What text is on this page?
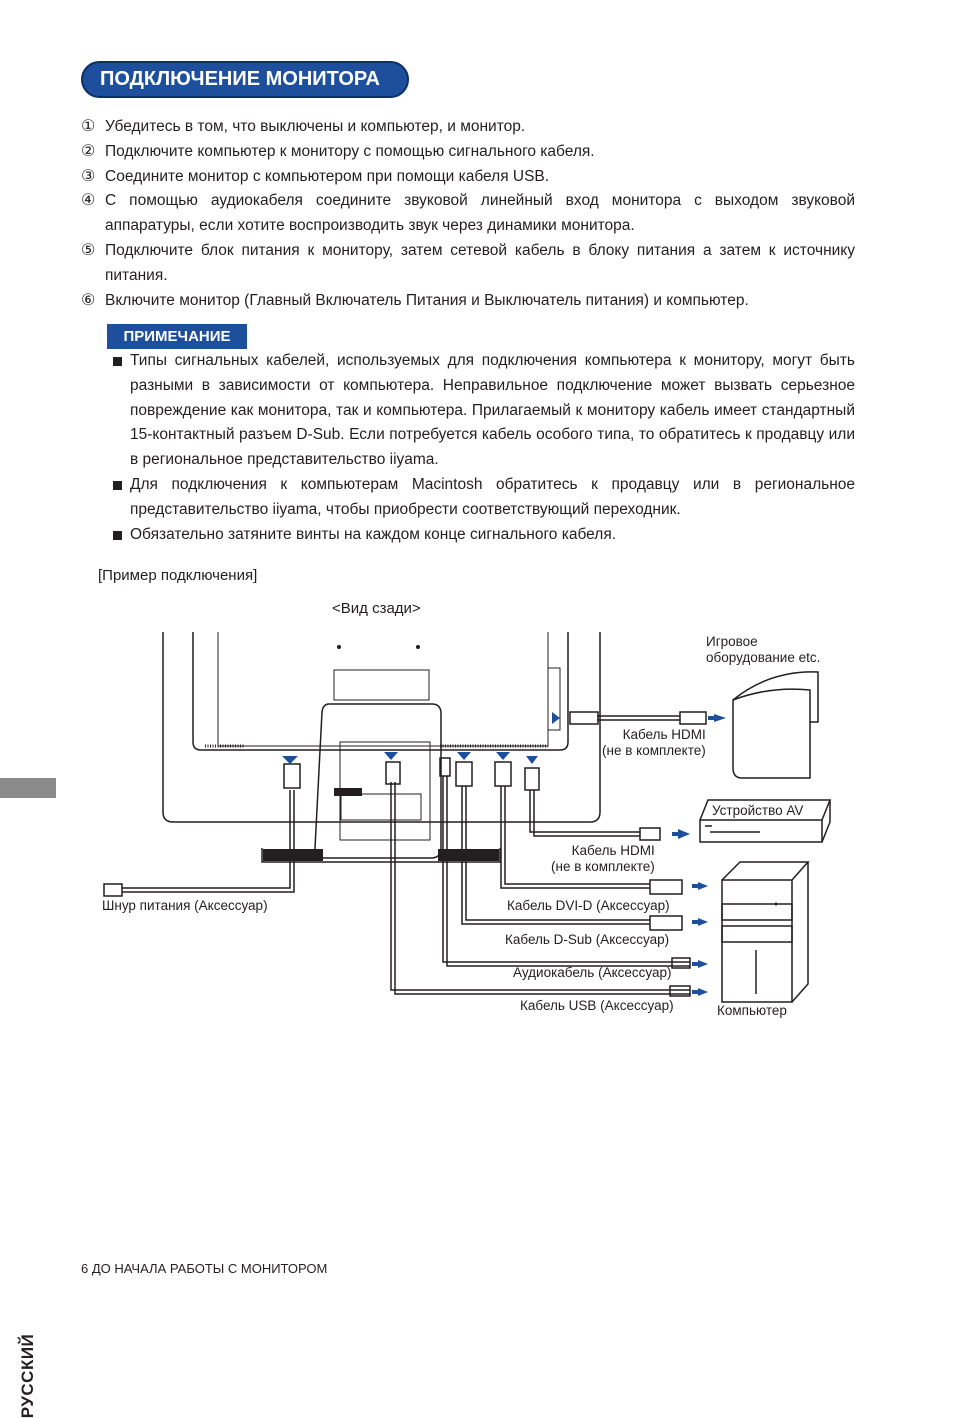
ПОДКЛЮЧЕНИЕ МОНИТОРА
① Убедитесь в том, что выключены и компьютер, и монитор.
② Подключите компьютер к монитору с помощью сигнального кабеля.
③ Соедините монитор с компьютером при помощи кабеля USB.
④ С помощью аудиокабеля соедините звуковой линейный вход монитора с выходом звуковой аппаратуры, если хотите воспроизводить звук через динамики монитора.
⑤ Подключите блок питания к монитору, затем сетевой кабель в блоку питания а затем к источнику питания.
⑥ Включите монитор (Главный Включатель Питания и Выключатель питания) и компьютер.
ПРИМЕЧАНИЕ
Типы сигнальных кабелей, используемых для подключения компьютера к монитору, могут быть разными в зависимости от компьютера. Неправильное подключение может вызвать серьезное повреждение как монитора, так и компьютера. Прилагаемый к монитору кабель имеет стандартный 15-контактный разъем D-Sub. Если потребуется кабель особого типа, то обратитесь к продавцу или в региональное представительство iiyama.
Для подключения к компьютерам Macintosh обратитесь к продавцу или в региональное представительство iiyama, чтобы приобрести соответствующий переходник.
Обязательно затяните винты на каждом конце сигнального кабеля.
[Пример подключения]
<Вид сзади>
Игровое
оборудование etc.
Кабель HDMI
(не в комплекте)
Устройство AV
Кабель HDMI
(не в комплекте)
Шнур питания (Аксессуар)	Кабель DVI-D (Аксессуар)
Кабель D-Sub (Аксессуар)
Аудиокабель (Аксессуар)
Кабель USB (Аксессуар)	Компьютер
РУССКИЙ
6 ДО НАЧАЛА РАБОТЫ С МОНИТОРОМ
